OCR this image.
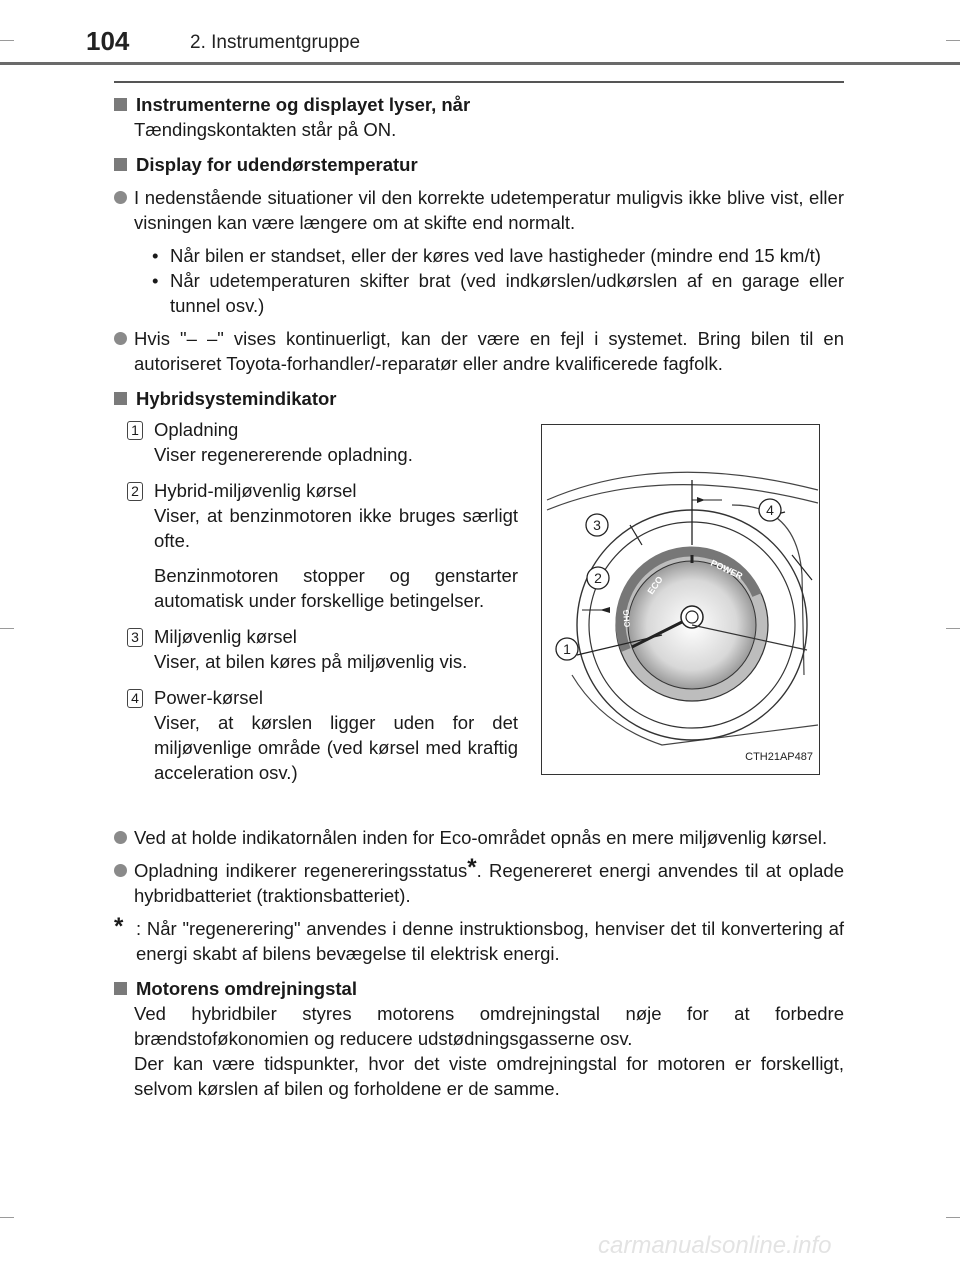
104	2. Instrumentgruppe
Instrumenterne og displayet lyser, når
Tændingskontakten står på ON.
Display for udendørstemperatur
I nedenstående situationer vil den korrekte udetemperatur muligvis ikke blive vist, eller visningen kan være længere om at skifte end normalt.
• Når bilen er standset, eller der køres ved lave hastigheder (mindre end 15 km/t)
• Når udetemperaturen skifter brat (ved indkørslen/udkørslen af en garage eller tunnel osv.)
Hvis "– –" vises kontinuerligt, kan der være en fejl i systemet. Bring bilen til en autoriseret Toyota-forhandler/-reparatør eller andre kvalificerede fagfolk.
Hybridsystemindikator
1 Opladning
Viser regenererende opladning.
2 Hybrid-miljøvenlig kørsel
Viser, at benzinmotoren ikke bruges særligt ofte.

Benzinmotoren stopper og genstarter automatisk under forskellige betingelser.

3 Miljøvenlig kørsel
Viser, at bilen køres på miljøvenlig vis.
4 Power-kørsel
Viser, at kørslen ligger uden for det miljøvenlige område (ved kørsel med kraftig acceleration osv.)
ECO
POWER
CHG
3
4
2
1
CTH21AP487
Ved at holde indikatornålen inden for Eco-området opnås en mere miljøvenlig kørsel.
Opladning indikerer regenereringsstatus*. Regenereret energi anvendes til at oplade hybridbatteriet (traktionsbatteriet).
* : Når "regenerering" anvendes i denne instruktionsbog, henviser det til konvertering af energi skabt af bilens bevægelse til elektrisk energi.
Motorens omdrejningstal
Ved hybridbiler styres motorens omdrejningstal nøje for at forbedre brændstoføkonomien og reducere udstødningsgasserne osv.
Der kan være tidspunkter, hvor det viste omdrejningstal for motoren er forskelligt, selvom kørslen af bilen og forholdene er de samme.
carmanualsonline.info
